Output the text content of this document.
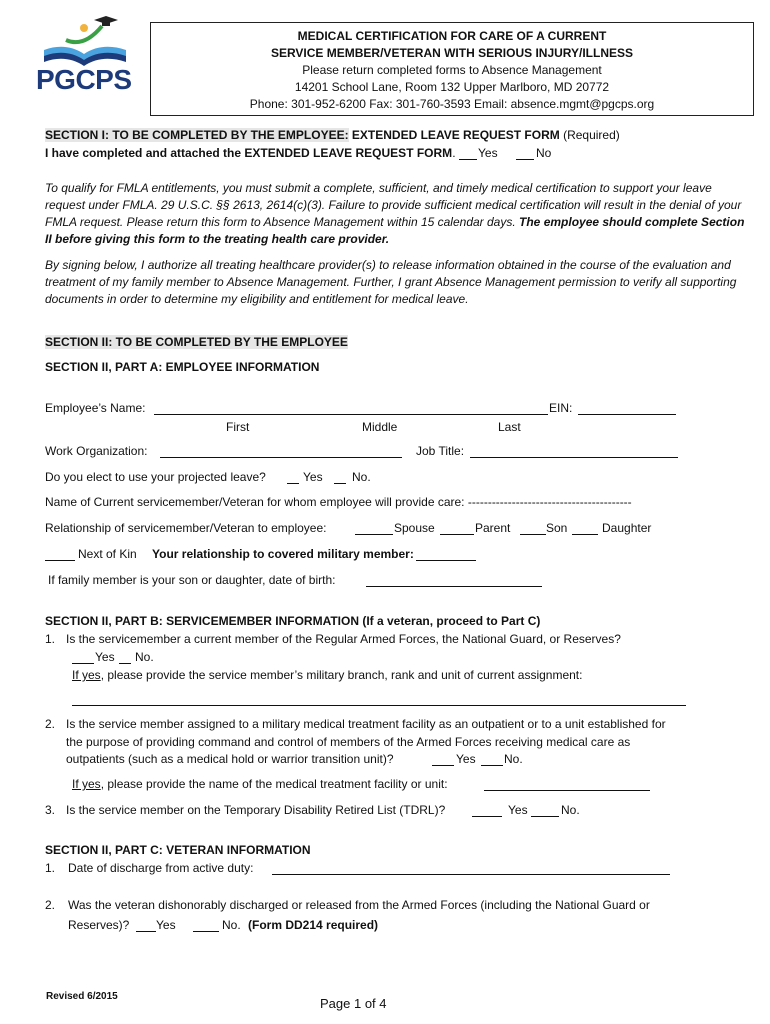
PGCPS
MEDICAL CERTIFICATION FOR CARE OF A CURRENT
SERVICE MEMBER/VETERAN WITH SERIOUS INJURY/ILLNESS
Please return completed forms to Absence Management
14201 School Lane, Room 132 Upper Marlboro, MD 20772
Phone: 301-952-6200 Fax: 301-760-3593 Email: absence.mgmt@pgcps.org
SECTION I: TO BE COMPLETED BY THE EMPLOYEE: EXTENDED LEAVE REQUEST FORM (Required)
I have completed and attached the EXTENDED LEAVE REQUEST FORM. Yes	No
To qualify for FMLA entitlements, you must submit a complete, sufficient, and timely medical certification to support your leave request under FMLA. 29 U.S.C. §§ 2613, 2614(c)(3). Failure to provide sufficient medical certification will result in the denial of your FMLA request. Please return this form to Absence Management within 15 calendar days. The employee should complete Section II before giving this form to the treating health care provider.
By signing below, I authorize all treating healthcare provider(s) to release information obtained in the course of the evaluation and treatment of my family member to Absence Management. Further, I grant Absence Management permission to verify all supporting documents in order to determine my eligibility and entitlement for medical leave.
SECTION II: TO BE COMPLETED BY THE EMPLOYEE
SECTION II, PART A: EMPLOYEE INFORMATION
Employee’s Name:	EIN:
First	Middle	Last
Work Organization:	Job Title:
Do you elect to use your projected leave?	Yes No.
Name of Current servicemember/Veteran for whom employee will provide care: -----------------------------------------
Relationship of servicemember/Veteran to employee:	Spouse	Parent	Son	Daughter
Next of Kin Your relationship to covered military member:
If family member is your son or daughter, date of birth:
SECTION II, PART B: SERVICEMEMBER INFORMATION (If a veteran, proceed to Part C)
1. Is the servicemember a current member of the Regular Armed Forces, the National Guard, or Reserves?
Yes No.
If yes, please provide the service member’s military branch, rank and unit of current assignment:
2. Is the service member assigned to a military medical treatment facility as an outpatient or to a unit established for
the purpose of providing command and control of members of the Armed Forces receiving medical care as
outpatients (such as a medical hold or warrior transition unit)?	Yes No.
If yes, please provide the name of the medical treatment facility or unit:
3. Is the service member on the Temporary Disability Retired List (TDRL)?	Yes	No.
SECTION II, PART C: VETERAN INFORMATION
1. Date of discharge from active duty:
2. Was the veteran dishonorably discharged or released from the Armed Forces (including the National Guard or
Reserves)? Yes	No. (Form DD214 required)
Revised 6/2015	Page 1 of 4
